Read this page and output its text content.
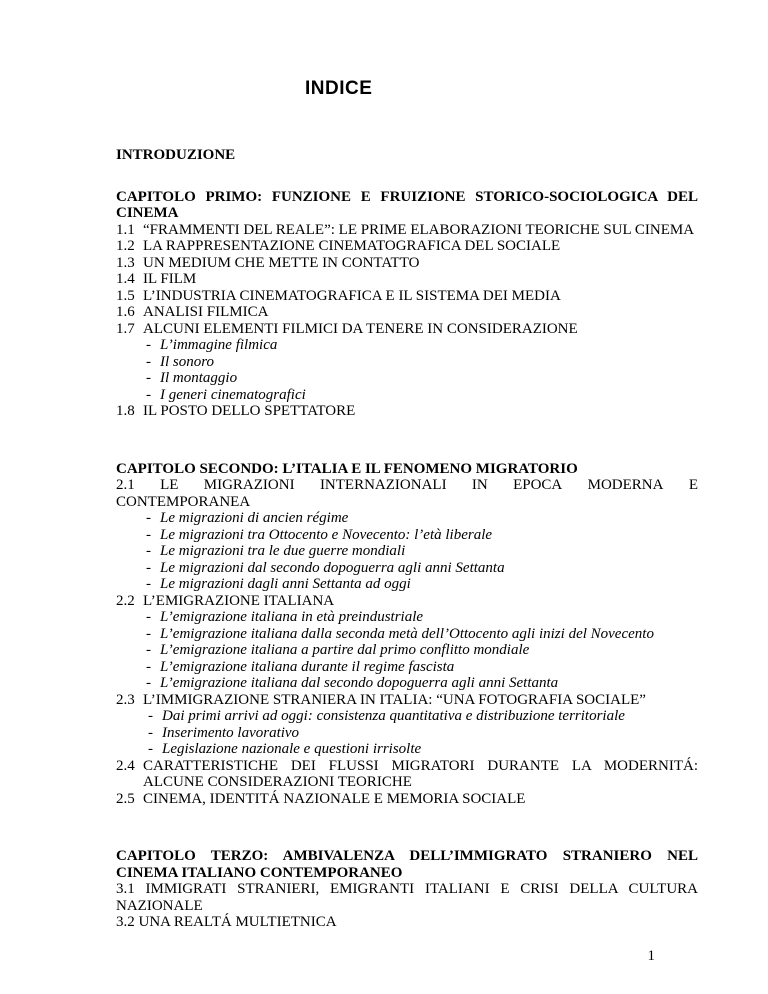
INDICE
INTRODUZIONE
CAPITOLO PRIMO: FUNZIONE E FRUIZIONE STORICO-SOCIOLOGICA DEL CINEMA
1.1 “FRAMMENTI DEL REALE”: LE PRIME ELABORAZIONI TEORICHE SUL CINEMA
1.2 LA RAPPRESENTAZIONE CINEMATOGRAFICA DEL SOCIALE
1.3 UN MEDIUM CHE METTE IN CONTATTO
1.4 IL FILM
1.5 L’INDUSTRIA CINEMATOGRAFICA E IL SISTEMA DEI MEDIA
1.6 ANALISI FILMICA
1.7 ALCUNI ELEMENTI FILMICI DA TENERE IN CONSIDERAZIONE
- L’immagine filmica
- Il sonoro
- Il montaggio
- I generi cinematografici
1.8 IL POSTO DELLO SPETTATORE
CAPITOLO SECONDO: L’ITALIA E IL FENOMENO MIGRATORIO
2.1 LE MIGRAZIONI INTERNAZIONALI IN EPOCA MODERNA E
CONTEMPORANEA
- Le migrazioni di ancien régime
- Le migrazioni tra Ottocento e Novecento: l’età liberale
- Le migrazioni tra le due guerre mondiali
- Le migrazioni dal secondo dopoguerra agli anni Settanta
- Le migrazioni dagli anni Settanta ad oggi
2.2 L’EMIGRAZIONE ITALIANA
- L’emigrazione italiana in età preindustriale
- L’emigrazione italiana dalla seconda metà dell’Ottocento agli inizi del Novecento
- L’emigrazione italiana a partire dal primo conflitto mondiale
- L’emigrazione italiana durante il regime fascista
- L’emigrazione italiana dal secondo dopoguerra agli anni Settanta
2.3 L’IMMIGRAZIONE STRANIERA IN ITALIA: “UNA FOTOGRAFIA SOCIALE”
- Dai primi arrivi ad oggi: consistenza quantitativa e distribuzione territoriale
- Inserimento lavorativo
- Legislazione nazionale e questioni irrisolte
2.4 CARATTERISTICHE DEI FLUSSI MIGRATORI DURANTE LA MODERNITÁ: ALCUNE CONSIDERAZIONI TEORICHE
2.5 CINEMA, IDENTITÁ NAZIONALE E MEMORIA SOCIALE
CAPITOLO TERZO: AMBIVALENZA DELL’IMMIGRATO STRANIERO NEL CINEMA ITALIANO CONTEMPORANEO
3.1 IMMIGRATI STRANIERI, EMIGRANTI ITALIANI E CRISI DELLA CULTURA NAZIONALE
3.2 UNA REALTÁ MULTIETNICA
1
